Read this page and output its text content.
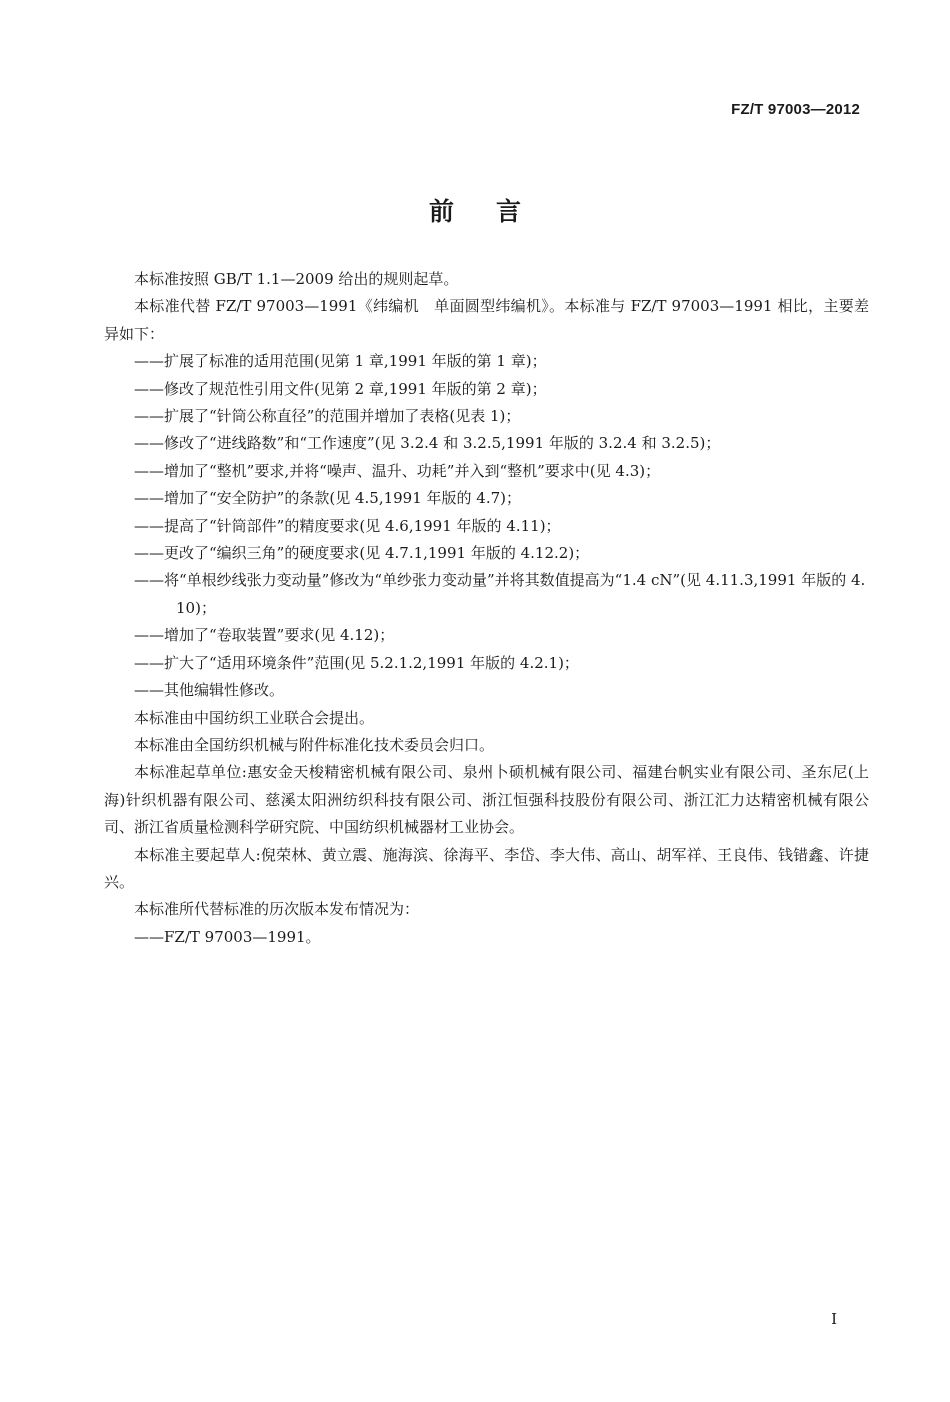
FZ/T 97003—2012
前言

本标准按照 GB/T 1.1—2009 给出的规则起草。

本标准代替 FZ/T 97003—1991《纬编机　单面圆型纬编机》。本标准与 FZ/T 97003—1991 相比，主要差异如下：

——扩展了标准的适用范围(见第 1 章,1991 年版的第 1 章)；

——修改了规范性引用文件(见第 2 章,1991 年版的第 2 章)；

——扩展了“针筒公称直径”的范围并增加了表格(见表 1)；

——修改了“进线路数”和“工作速度”(见 3.2.4 和 3.2.5,1991 年版的 3.2.4 和 3.2.5)；

——增加了“整机”要求,并将“噪声、温升、功耗”并入到“整机”要求中(见 4.3)；

——增加了“安全防护”的条款(见 4.5,1991 年版的 4.7)；

——提高了“针筒部件”的精度要求(见 4.6,1991 年版的 4.11)；

——更改了“编织三角”的硬度要求(见 4.7.1,1991 年版的 4.12.2)；

——将“单根纱线张力变动量”修改为“单纱张力变动量”并将其数值提高为“1.4 cN”(见 4.11.3,1991 年版的 4.10)；

——增加了“卷取装置”要求(见 4.12)；

——扩大了“适用环境条件”范围(见 5.2.1.2,1991 年版的 4.2.1)；

——其他编辑性修改。

本标准由中国纺织工业联合会提出。

本标准由全国纺织机械与附件标准化技术委员会归口。

本标准起草单位:惠安金天梭精密机械有限公司、泉州卜硕机械有限公司、福建台帆实业有限公司、圣东尼(上海)针织机器有限公司、慈溪太阳洲纺织科技有限公司、浙江恒强科技股份有限公司、浙江汇力达精密机械有限公司、浙江省质量检测科学研究院、中国纺织机械器材工业协会。

本标准主要起草人:倪荣林、黄立震、施海滨、徐海平、李岱、李大伟、高山、胡军祥、王良伟、钱错鑫、许捷兴。

本标准所代替标准的历次版本发布情况为：

——FZ/T 97003—1991。

I
